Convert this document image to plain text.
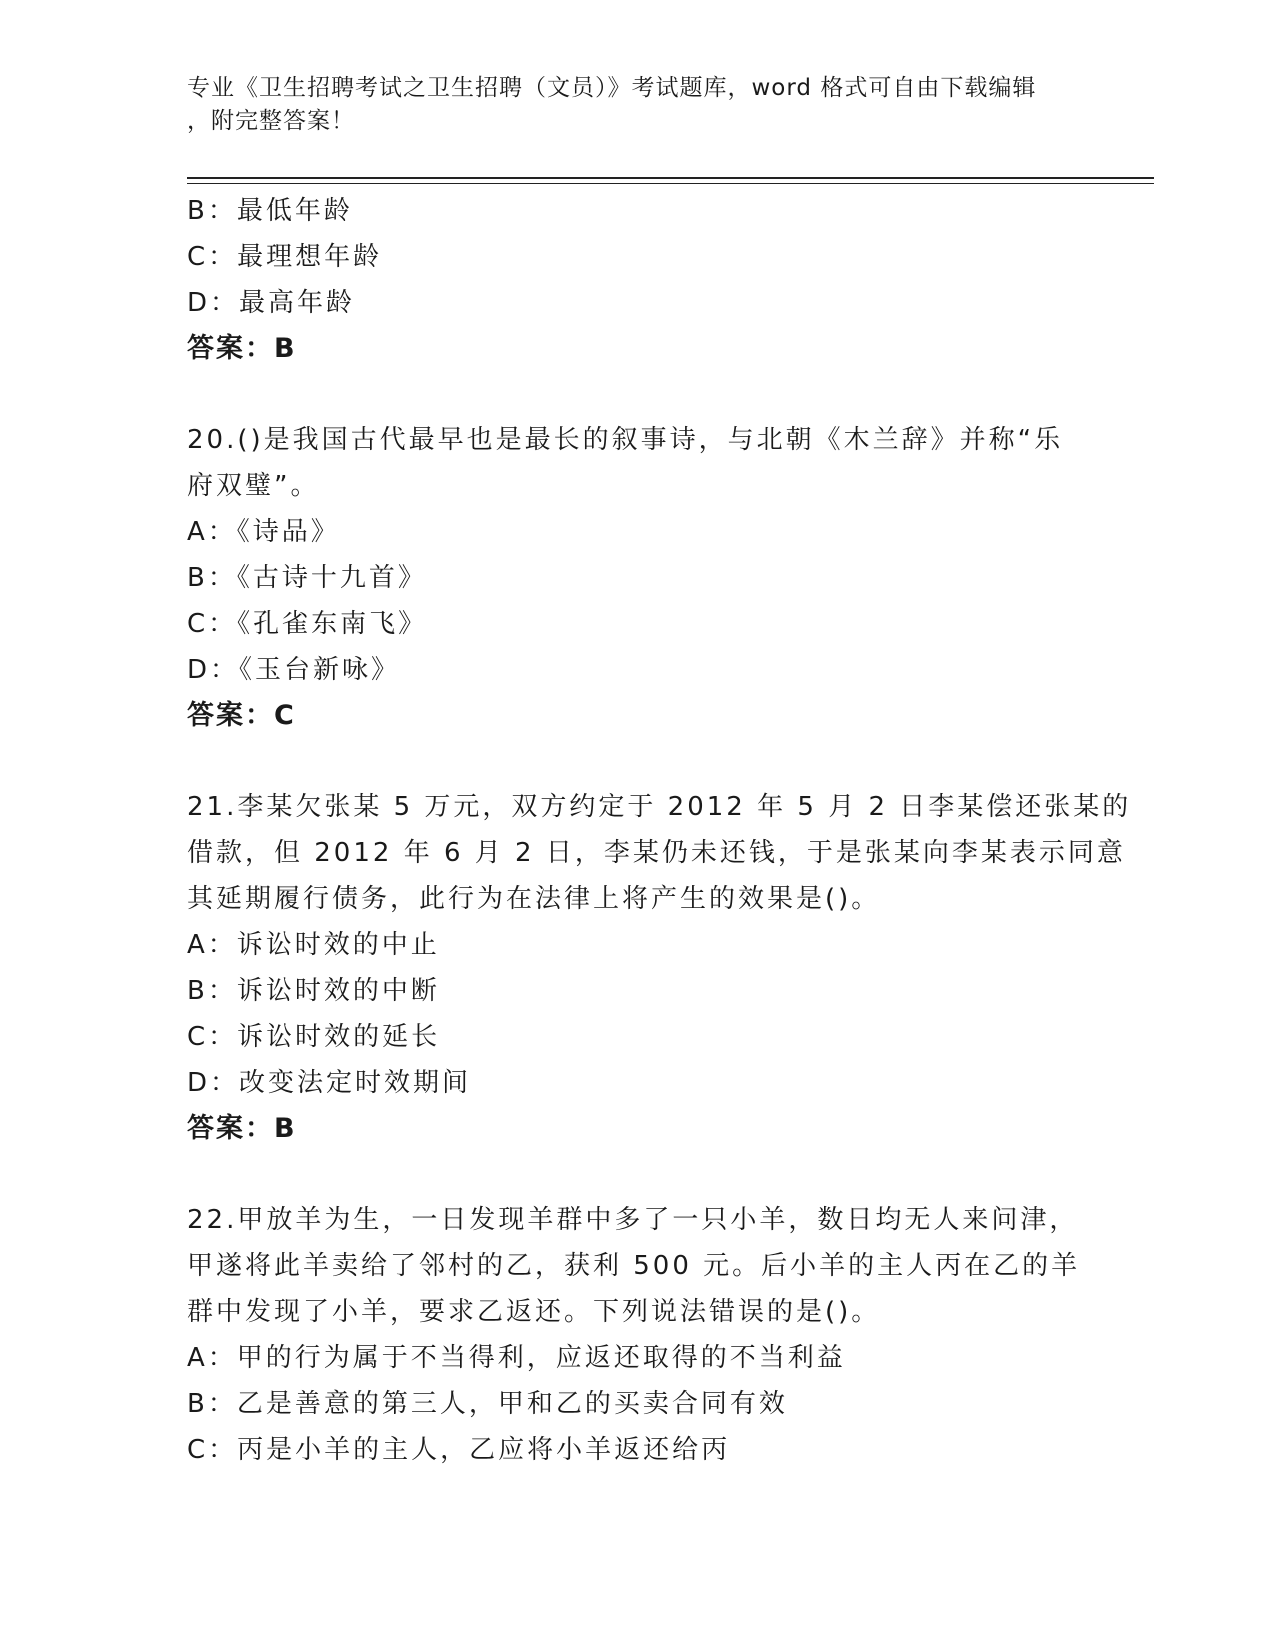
专业《卫生招聘考试之卫生招聘（文员）》考试题库，word 格式可自由下载编辑
，附完整答案！

B：最低年龄

C：最理想年龄

D：最高年龄

答案：B

20.()是我国古代最早也是最长的叙事诗，与北朝《木兰辞》并称“乐

府双璧”。

A：《诗品》

B：《古诗十九首》

C：《孔雀东南飞》

D：《玉台新咏》

答案：C

21.李某欠张某 5 万元，双方约定于 2012 年 5 月 2 日李某偿还张某的

借款，但 2012 年 6 月 2 日，李某仍未还钱，于是张某向李某表示同意

其延期履行债务，此行为在法律上将产生的效果是()。

A：诉讼时效的中止

B：诉讼时效的中断

C：诉讼时效的延长

D：改变法定时效期间

答案：B

22.甲放羊为生，一日发现羊群中多了一只小羊，数日均无人来问津，

甲遂将此羊卖给了邻村的乙，获利 500 元。后小羊的主人丙在乙的羊

群中发现了小羊，要求乙返还。下列说法错误的是()。

A：甲的行为属于不当得利，应返还取得的不当利益

B：乙是善意的第三人，甲和乙的买卖合同有效

C：丙是小羊的主人，乙应将小羊返还给丙
